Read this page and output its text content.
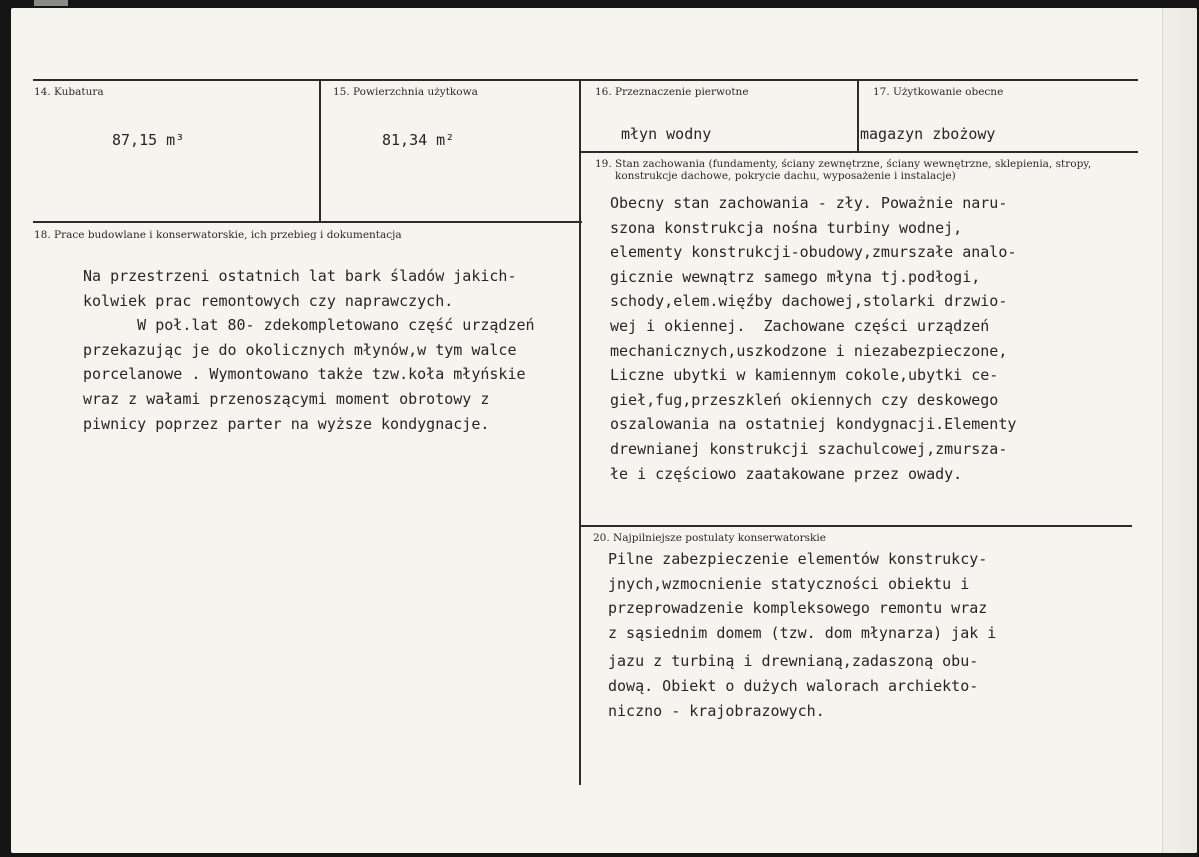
14. Kubatura
87,15 m³
15. Powierzchnia użytkowa
81,34 m²
16. Przeznaczenie pierwotne
młyn wodny
17. Użytkowanie obecne
magazyn zbożowy
18. Prace budowlane i konserwatorskie, ich przebieg i dokumentacja
Na przestrzeni ostatnich lat bark śladów jakich-
kolwiek prac remontowych czy naprawczych.
W poł.lat 80- zdekompletowano część urządzeń
przekazując je do okolicznych młynów,w tym walce
porcelanowe . Wymontowano także tzw.koła młyńskie
wraz z wałami przenoszącymi moment obrotowy z
piwnicy poprzez parter na wyższe kondygnacje.
19. Stan zachowania (fundamenty, ściany zewnętrzne, ściany wewnętrzne, sklepienia, stropy,
konstrukcje dachowe, pokrycie dachu, wyposażenie i instalacje)
Obecny stan zachowania - zły. Poważnie naru-
szona konstrukcja nośna turbiny wodnej,
elementy konstrukcji-obudowy,zmurszałe analo-
gicznie wewnątrz samego młyna tj.podłogi,
schody,elem.więźby dachowej,stolarki drzwio-
wej i okiennej.  Zachowane części urządzeń
mechanicznych,uszkodzone i niezabezpieczone,
Liczne ubytki w kamiennym cokole,ubytki ce-
gieł,fug,przeszkleń okiennych czy deskowego
oszalowania na ostatniej kondygnacji.Elementy
drewnianej konstrukcji szachulcowej,zmursza-
łe i częściowo zaatakowane przez owady.
20. Najpilniejsze postulaty konserwatorskie
Pilne zabezpieczenie elementów konstrukcy-
jnych,wzmocnienie statyczności obiektu i
przeprowadzenie kompleksowego remontu wraz
z sąsiednim domem (tzw. dom młynarza) jak i
jazu z turbiną i drewnianą,zadaszoną obu-
dową. Obiekt o dużych walorach archiekto-
niczno - krajobrazowych.
